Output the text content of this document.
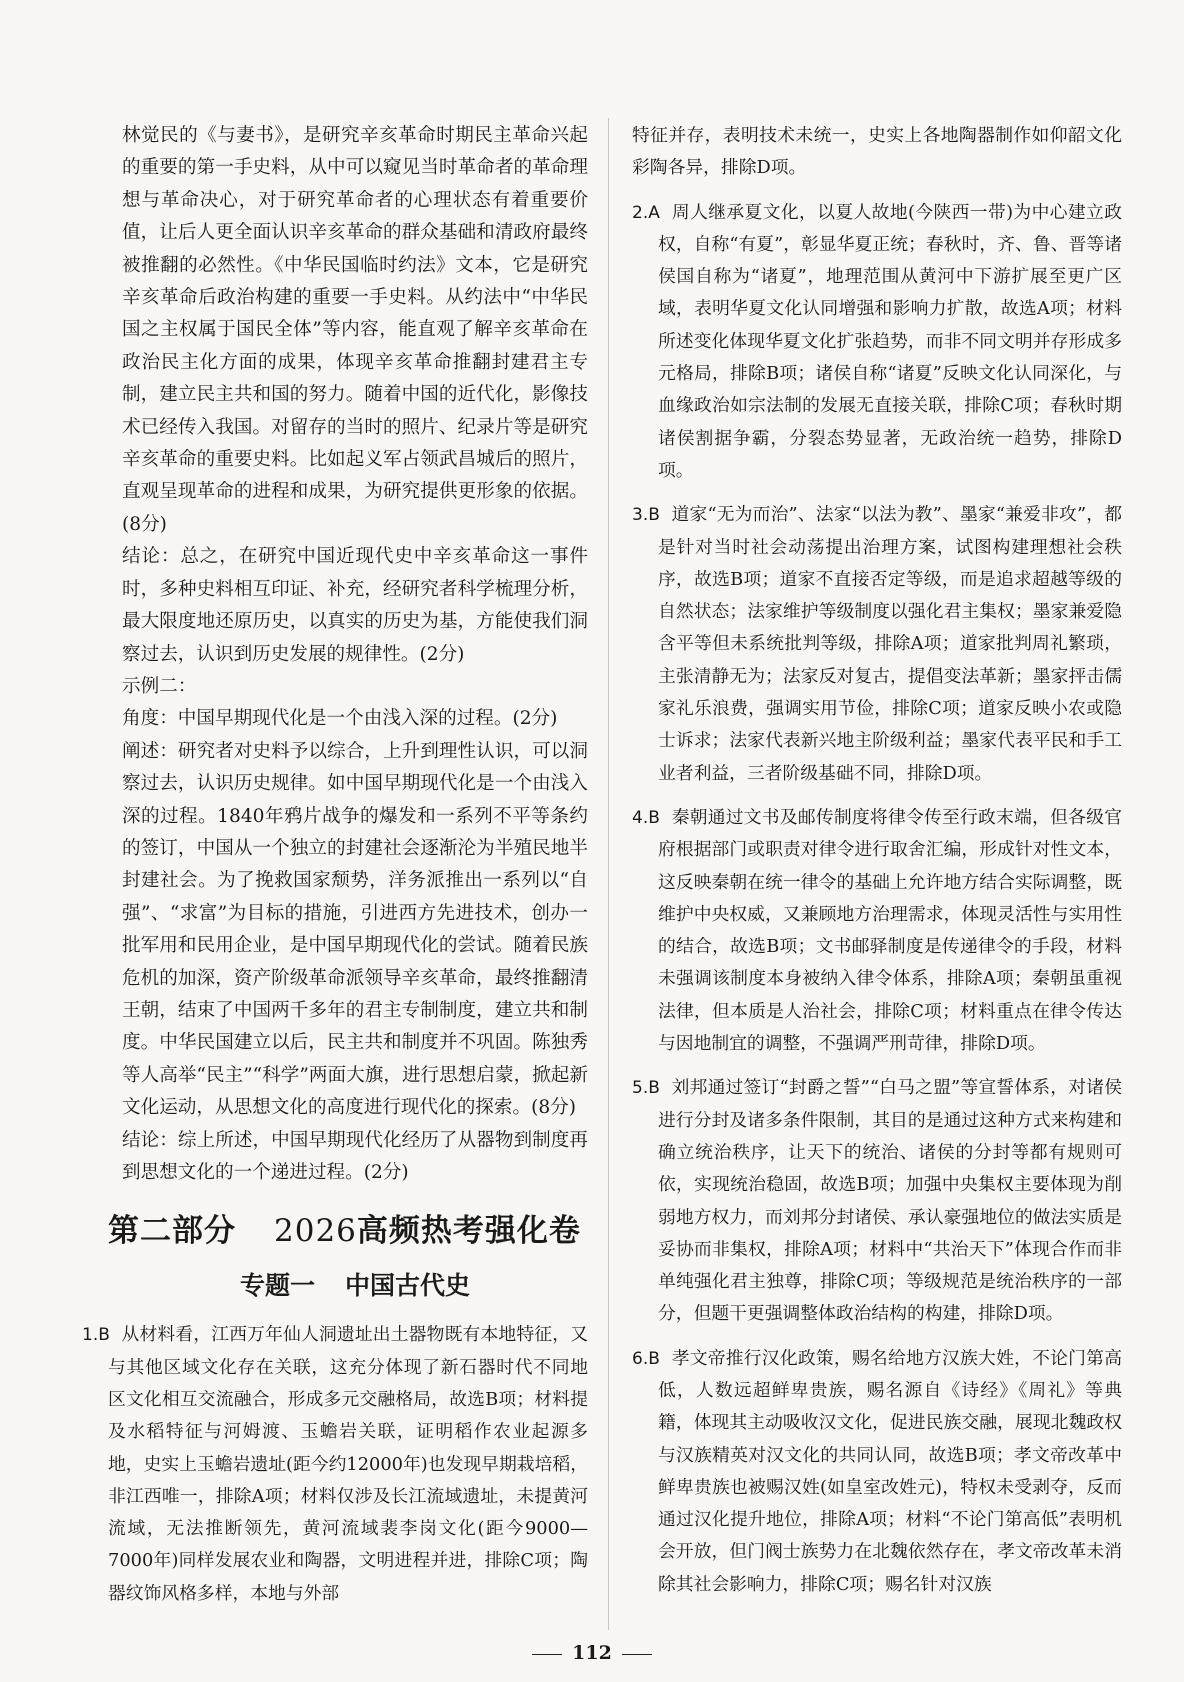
林觉民的《与妻书》，是研究辛亥革命时期民主革命兴起的重要的第一手史料，从中可以窥见当时革命者的革命理想与革命决心，对于研究革命者的心理状态有着重要价值，让后人更全面认识辛亥革命的群众基础和清政府最终被推翻的必然性。《中华民国临时约法》文本，它是研究辛亥革命后政治构建的重要一手史料。从约法中“中华民国之主权属于国民全体”等内容，能直观了解辛亥革命在政治民主化方面的成果，体现辛亥革命推翻封建君主专制，建立民主共和国的努力。随着中国的近代化，影像技术已经传入我国。对留存的当时的照片、纪录片等是研究辛亥革命的重要史料。比如起义军占领武昌城后的照片，直观呈现革命的进程和成果，为研究提供更形象的依据。(8分)

结论：总之，在研究中国近现代史中辛亥革命这一事件时，多种史料相互印证、补充，经研究者科学梳理分析，最大限度地还原历史，以真实的历史为基，方能使我们洞察过去，认识到历史发展的规律性。(2分)

示例二：

角度：中国早期现代化是一个由浅入深的过程。(2分)

阐述：研究者对史料予以综合，上升到理性认识，可以洞察过去，认识历史规律。如中国早期现代化是一个由浅入深的过程。1840年鸦片战争的爆发和一系列不平等条约的签订，中国从一个独立的封建社会逐渐沦为半殖民地半封建社会。为了挽救国家颓势，洋务派推出一系列以“自强”、“求富”为目标的措施，引进西方先进技术，创办一批军用和民用企业，是中国早期现代化的尝试。随着民族危机的加深，资产阶级革命派领导辛亥革命，最终推翻清王朝，结束了中国两千多年的君主专制制度，建立共和制度。中华民国建立以后，民主共和制度并不巩固。陈独秀等人高举“民主”“科学”两面大旗，进行思想启蒙，掀起新文化运动，从思想文化的高度进行现代化的探索。(8分)

结论：综上所述，中国早期现代化经历了从器物到制度再到思想文化的一个递进过程。(2分)

第二部分 2026高频热考强化卷
专题一 中国古代史

1.B 从材料看，江西万年仙人洞遗址出土器物既有本地特征，又与其他区域文化存在关联，这充分体现了新石器时代不同地区文化相互交流融合，形成多元交融格局，故选B项；材料提及水稻特征与河姆渡、玉蟾岩关联，证明稻作农业起源多地，史实上玉蟾岩遗址(距今约12000年)也发现早期栽培稻，非江西唯一，排除A项；材料仅涉及长江流域遗址，未提黄河流域，无法推断领先，黄河流域裴李岗文化(距今9000—7000年)同样发展农业和陶器，文明进程并进，排除C项；陶器纹饰风格多样，本地与外部

特征并存，表明技术未统一，史实上各地陶器制作如仰韶文化彩陶各异，排除D项。

2.A 周人继承夏文化，以夏人故地(今陕西一带)为中心建立政权，自称“有夏”，彰显华夏正统；春秋时，齐、鲁、晋等诸侯国自称为“诸夏”，地理范围从黄河中下游扩展至更广区域，表明华夏文化认同增强和影响力扩散，故选A项；材料所述变化体现华夏文化扩张趋势，而非不同文明并存形成多元格局，排除B项；诸侯自称“诸夏”反映文化认同深化，与血缘政治如宗法制的发展无直接关联，排除C项；春秋时期诸侯割据争霸，分裂态势显著，无政治统一趋势，排除D项。

3.B 道家“无为而治”、法家“以法为教”、墨家“兼爱非攻”，都是针对当时社会动荡提出治理方案，试图构建理想社会秩序，故选B项；道家不直接否定等级，而是追求超越等级的自然状态；法家维护等级制度以强化君主集权；墨家兼爱隐含平等但未系统批判等级，排除A项；道家批判周礼繁琐，主张清静无为；法家反对复古，提倡变法革新；墨家抨击儒家礼乐浪费，强调实用节俭，排除C项；道家反映小农或隐士诉求；法家代表新兴地主阶级利益；墨家代表平民和手工业者利益，三者阶级基础不同，排除D项。

4.B 秦朝通过文书及邮传制度将律令传至行政末端，但各级官府根据部门或职责对律令进行取舍汇编，形成针对性文本，这反映秦朝在统一律令的基础上允许地方结合实际调整，既维护中央权威，又兼顾地方治理需求，体现灵活性与实用性的结合，故选B项；文书邮驿制度是传递律令的手段，材料未强调该制度本身被纳入律令体系，排除A项；秦朝虽重视法律，但本质是人治社会，排除C项；材料重点在律令传达与因地制宜的调整，不强调严刑苛律，排除D项。

5.B 刘邦通过签订“封爵之誓”“白马之盟”等宣誓体系，对诸侯进行分封及诸多条件限制，其目的是通过这种方式来构建和确立统治秩序，让天下的统治、诸侯的分封等都有规则可依，实现统治稳固，故选B项；加强中央集权主要体现为削弱地方权力，而刘邦分封诸侯、承认豪强地位的做法实质是妥协而非集权，排除A项；材料中“共治天下”体现合作而非单纯强化君主独尊，排除C项；等级规范是统治秩序的一部分，但题干更强调整体政治结构的构建，排除D项。

6.B 孝文帝推行汉化政策，赐名给地方汉族大姓，不论门第高低，人数远超鲜卑贵族，赐名源自《诗经》《周礼》等典籍，体现其主动吸收汉文化，促进民族交融，展现北魏政权与汉族精英对汉文化的共同认同，故选B项；孝文帝改革中鲜卑贵族也被赐汉姓(如皇室改姓元)，特权未受剥夺，反而通过汉化提升地位，排除A项；材料“不论门第高低”表明机会开放，但门阀士族势力在北魏依然存在，孝文帝改革未消除其社会影响力，排除C项；赐名针对汉族

112
